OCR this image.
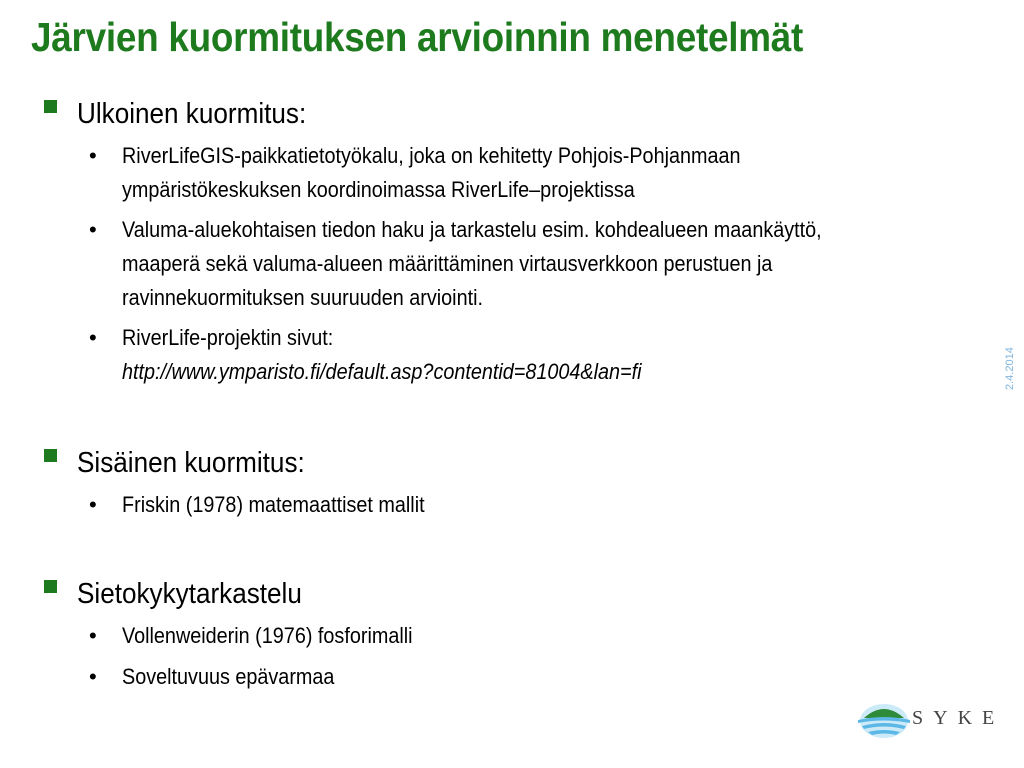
Järvien kuormituksen arvioinnin menetelmät
Ulkoinen kuormitus:
• RiverLifeGIS-paikkatietotyökalu, joka on kehitetty Pohjois-Pohjanmaan
ympäristökeskuksen koordinoimassa RiverLife–projektissa
• Valuma-aluekohtaisen tiedon haku ja tarkastelu esim. kohdealueen maankäyttö,
maaperä sekä valuma-alueen määrittäminen virtausverkkoon perustuen ja
ravinnekuormituksen suuruuden arviointi.
• RiverLife-projektin sivut:
http://www.ymparisto.fi/default.asp?contentid=81004&lan=fi
Sisäinen kuormitus:
• Friskin (1978) matemaattiset mallit
Sietokykytarkastelu
• Vollenweiderin (1976) fosforimalli
• Soveltuvuus epävarmaa
2.4.2014
SYKE
